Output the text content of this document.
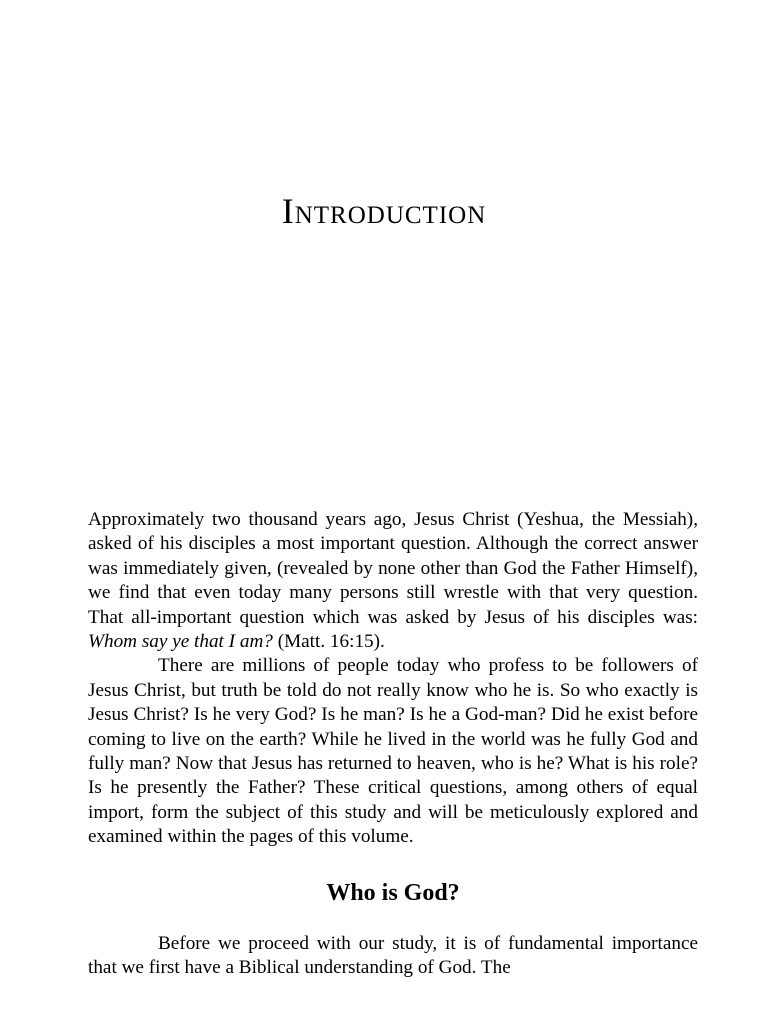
Introduction

Approximately two thousand years ago, Jesus Christ (Yeshua, the Messiah), asked of his disciples a most important question. Although the correct answer was immediately given, (revealed by none other than God the Father Himself), we find that even today many persons still wrestle with that very question. That all-important question which was asked by Jesus of his disciples was: Whom say ye that I am? (Matt. 16:15).

There are millions of people today who profess to be followers of Jesus Christ, but truth be told do not really know who he is. So who exactly is Jesus Christ? Is he very God? Is he man? Is he a God-man? Did he exist before coming to live on the earth? While he lived in the world was he fully God and fully man? Now that Jesus has returned to heaven, who is he? What is his role? Is he presently the Father? These critical questions, among others of equal import, form the subject of this study and will be meticulously explored and examined within the pages of this volume.

Who is God?

Before we proceed with our study, it is of fundamental importance that we first have a Biblical understanding of God. The
